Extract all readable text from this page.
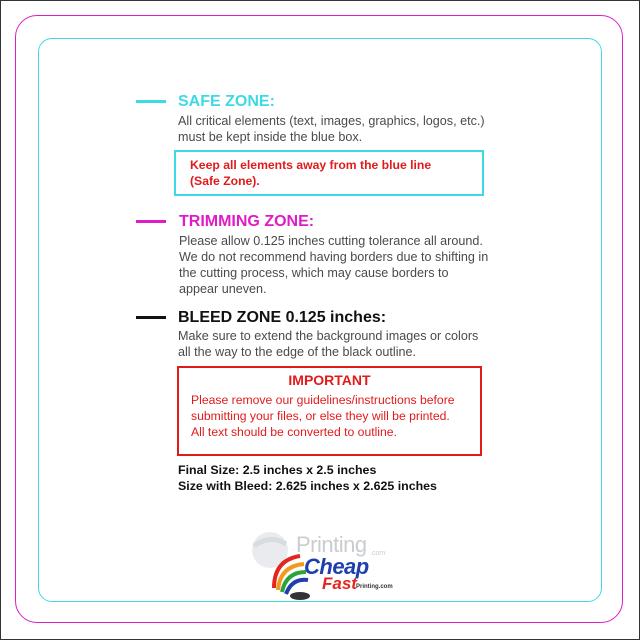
SAFE ZONE:
All critical elements (text, images, graphics, logos, etc.)
must be kept inside the blue box.
Keep all elements away from the blue line
(Safe Zone).
TRIMMING ZONE:
Please allow 0.125 inches cutting tolerance all around.
We do not recommend having borders due to shifting in
the cutting process, which may cause borders to
appear uneven.
BLEED ZONE 0.125 inches:
Make sure to extend the background images or colors
all the way to the edge of the black outline.
IMPORTANT
Please remove our guidelines/instructions before
submitting your files, or else they will be printed.
All text should be converted to outline.
Final Size: 2.5 inches x 2.5 inches
Size with Bleed: 2.625 inches x 2.625 inches
Printing .com
Cheap
Fast Printing.com
